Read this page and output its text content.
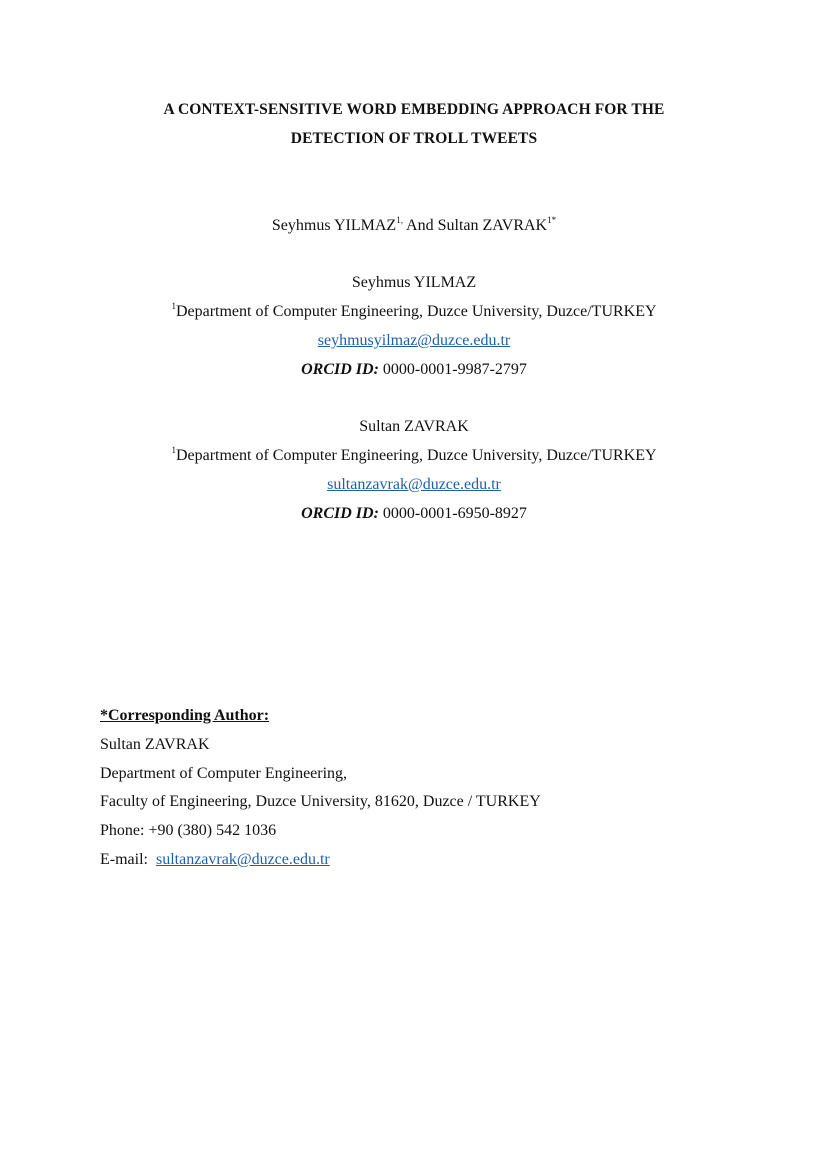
A CONTEXT-SENSITIVE WORD EMBEDDING APPROACH FOR THE
DETECTION OF TROLL TWEETS
Seyhmus $YILMAZ^{1,}$ And Sultan $ZAVRAK^{1*}$
Seyhmus YILMAZ
$^1$Department of Computer Engineering, Duzce University, Duzce/TURKEY
seyhmusyilmaz@duzce.edu.tr
ORCID ID: 0000-0001-9987-2797
Sultan ZAVRAK
$^1$Department of Computer Engineering, Duzce University, Duzce/TURKEY
sultanzavrak@duzce.edu.tr
ORCID ID: 0000-0001-6950-8927
*Corresponding Author:
Sultan ZAVRAK
Department of Computer Engineering,
Faculty of Engineering, Duzce University, 81620, Duzce / TURKEY
Phone: +90 (380) 542 1036
E-mail:  sultanzavrak@duzce.edu.tr
